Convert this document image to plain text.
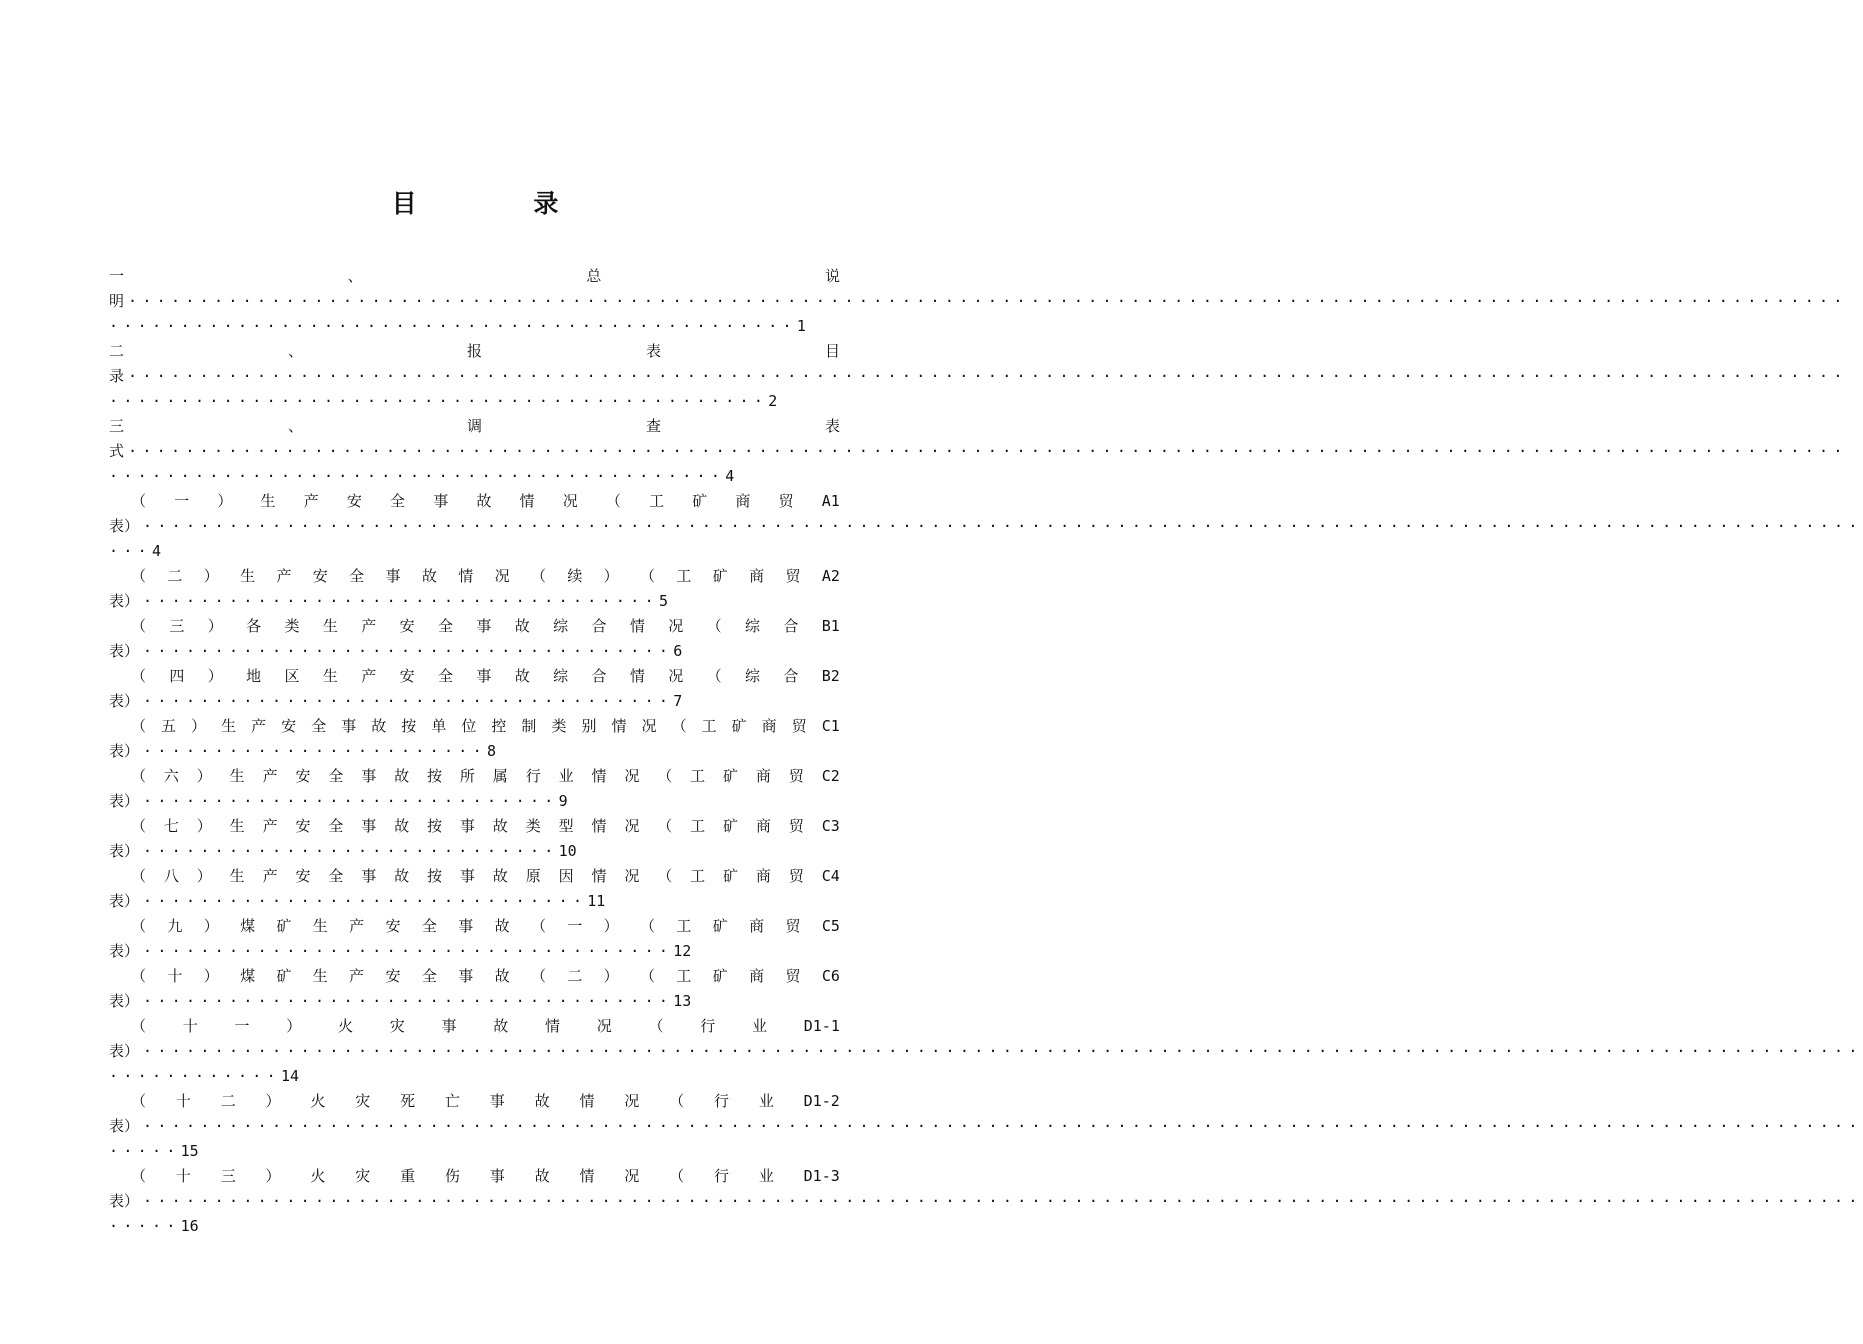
目 录
一	、	总	说
明 ························································································································
················································ 1
二	、	报	表	目
录 ························································································································
·············································· 2
三	、	调	查	表
式 ························································································································
··········································· 4
（ 一 ） 生 产 安 全 事 故 情 况 （ 工 矿 商 贸 A1
表） ························································································································
··· 4
（ 二 ） 生 产 安 全 事 故 情 况 （ 续 ） （ 工 矿 商 贸 A2
表） ···································· 5
（ 三 ） 各 类 生 产 安 全 事 故 综 合 情 况 （ 综 合 B1
表） ····································· 6
（ 四 ） 地 区 生 产 安 全 事 故 综 合 情 况 （ 综 合 B2
表） ····································· 7
（ 五 ） 生 产 安 全 事 故 按 单 位 控 制 类 别 情 况 （ 工 矿 商 贸 C1
表） ························ 8
（ 六 ） 生 产 安 全 事 故 按 所 属 行 业 情 况 （ 工 矿 商 贸 C2
表） ····························· 9
（ 七 ） 生 产 安 全 事 故 按 事 故 类 型 情 况 （ 工 矿 商 贸 C3
表） ····························· 10
（ 八 ） 生 产 安 全 事 故 按 事 故 原 因 情 况 （ 工 矿 商 贸 C4
表） ······························· 11
（ 九 ） 煤 矿 生 产 安 全 事 故 （ 一 ） （ 工 矿 商 贸 C5
表） ····································· 12
（ 十 ） 煤 矿 生 产 安 全 事 故 （ 二 ） （ 工 矿 商 贸 C6
表） ····································· 13
（ 十 一 ） 火 灾 事 故 情 况 （ 行 业 D1-1
表） ························································································································
············ 14
（ 十 二 ） 火 灾 死 亡 事 故 情 况 （ 行 业 D1-2
表） ························································································································
····· 15
（ 十 三 ） 火 灾 重 伤 事 故 情 况 （ 行 业 D1-3
表） ························································································································
····· 16
